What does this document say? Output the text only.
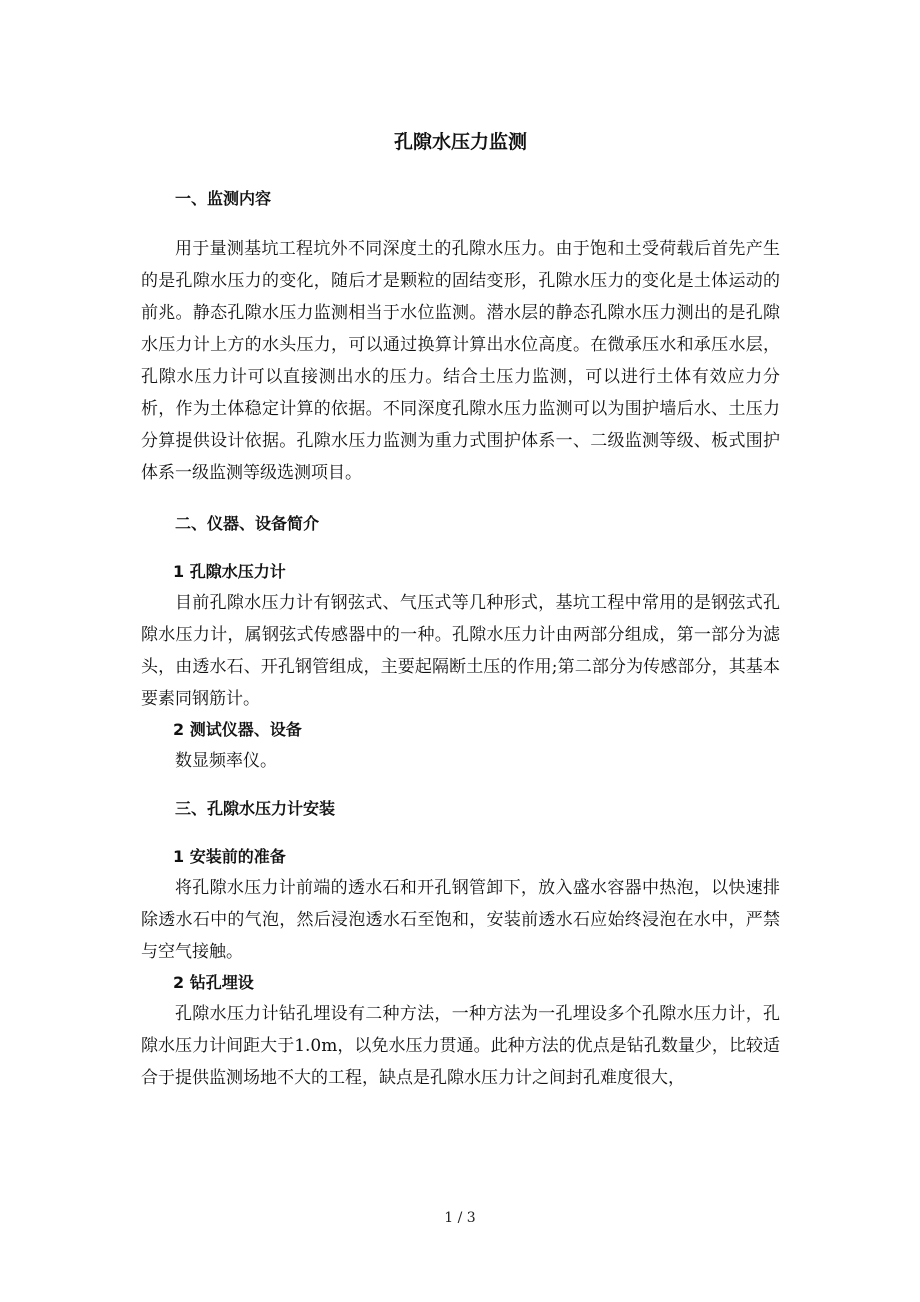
孔隙水压力监测
一、监测内容

用于量测基坑工程坑外不同深度土的孔隙水压力。由于饱和土受荷载后首先产生的是孔隙水压力的变化，随后才是颗粒的固结变形，孔隙水压力的变化是土体运动的前兆。静态孔隙水压力监测相当于水位监测。潜水层的静态孔隙水压力测出的是孔隙水压力计上方的水头压力，可以通过换算计算出水位高度。在微承压水和承压水层，孔隙水压力计可以直接测出水的压力。结合土压力监测，可以进行土体有效应力分析，作为土体稳定计算的依据。不同深度孔隙水压力监测可以为围护墙后水、土压力分算提供设计依据。孔隙水压力监测为重力式围护体系一、二级监测等级、板式围护体系一级监测等级选测项目。

二、仪器、设备简介
1 孔隙水压力计

目前孔隙水压力计有钢弦式、气压式等几种形式，基坑工程中常用的是钢弦式孔隙水压力计，属钢弦式传感器中的一种。孔隙水压力计由两部分组成，第一部分为滤头，由透水石、开孔钢管组成，主要起隔断土压的作用;第二部分为传感部分，其基本要素同钢筋计。

2 测试仪器、设备

数显频率仪。

三、孔隙水压力计安装
1 安装前的准备

将孔隙水压力计前端的透水石和开孔钢管卸下，放入盛水容器中热泡，以快速排除透水石中的气泡，然后浸泡透水石至饱和，安装前透水石应始终浸泡在水中，严禁与空气接触。

2 钻孔埋设

孔隙水压力计钻孔埋设有二种方法，一种方法为一孔埋设多个孔隙水压力计，孔隙水压力计间距大于1.0m，以免水压力贯通。此种方法的优点是钻孔数量少，比较适合于提供监测场地不大的工程，缺点是孔隙水压力计之间封孔难度很大，

1 / 3
